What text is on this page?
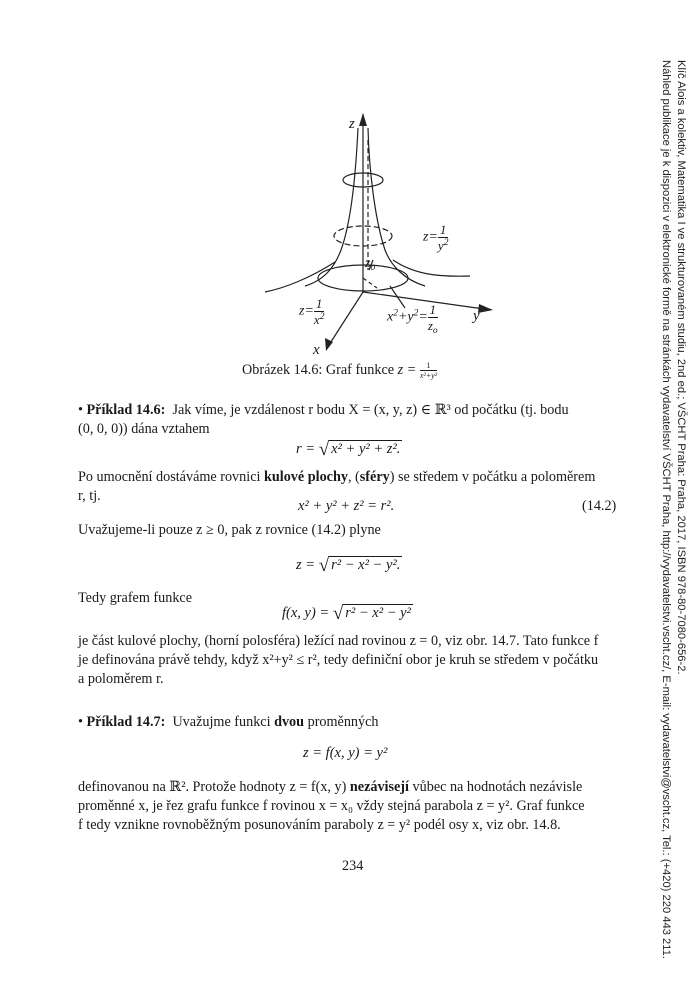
z
y
x
$z= \frac{1}{y^2}$
$z= \frac{1}{x^2}$
$z_o$
$x^2+y^2= \frac{1}{z_o}$
Obrázek 14.6: Graf funkce $z = \frac{1}{\text{x²+y²}}$
• Příklad 14.6: Jak víme, je vzdálenost r bodu X = (x, y, z) ∈ ℝ³ od počátku (tj. bodu
(0, 0, 0)) dána vztahem
r = √ x² + y² + z².
Po umocnění dostáváme rovnici kulové plochy, (sféry) se středem v počátku a poloměrem
r, tj.
x² + y² + z² = r².	(14.2)
Uvažujeme-li pouze z ≥ 0, pak z rovnice (14.2) plyne
z = √ r² − x² − y².
Tedy grafem funkce
f(x, y) = √ r² − x² − y²
je část kulové plochy, (horní polosféra) ležící nad rovinou z = 0, viz obr. 14.7. Tato funkce f
je definována právě tehdy, když x²+y² ≤ r², tedy definiční obor je kruh se středem v počátku
a poloměrem r.
• Příklad 14.7: Uvažujme funkci dvou proměnných
z = f(x, y) = y²
definovanou na ℝ². Protože hodnoty z = f(x, y) nezávisejí vůbec na hodnotách nezávisle
proměnné x, je řez grafu funkce f rovinou x = x₀ vždy stejná parabola z = y². Graf funkce
f tedy vznikne rovnoběžným posunováním paraboly z = y² podél osy x, viz obr. 14.8.
234
Klíč Alois a kolektiv, Matematika I ve strukturovaném studiu, 2nd ed.; VŠCHT Praha: Praha, 2017, ISBN 978-80-7080-656-2.
Náhled publikace je k dispozici v elektronické formě na stránkách vydavatelství VŠCHT Praha, http://vydavatelstvi.vscht.cz/, E-mail: vydavatelstvi@vscht.cz, Tel.: (+420) 220 443 211.
